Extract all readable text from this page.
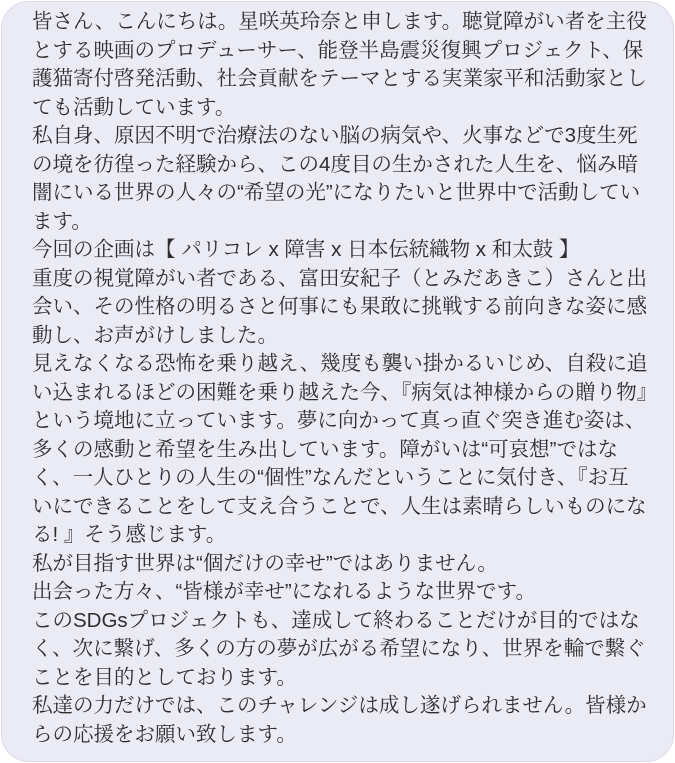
皆さん、こんにちは。星咲英玲奈と申します。聴覚障がい者を主役とする映画のプロデューサー、能登半島震災復興プロジェクト、保護猫寄付啓発活動、社会貢献をテーマとする実業家平和活動家としても活動しています。

私自身、原因不明で治療法のない脳の病気や、火事などで3度生死の境を彷徨った経験から、この4度目の生かされた人生を、悩み暗闇にいる世界の人々の“希望の光”になりたいと世界中で活動しています。

今回の企画は【 パリコレ x 障害 x 日本伝統織物 x 和太鼓 】

重度の視覚障がい者である、富田安紀子（とみだあきこ）さんと出会い、その性格の明るさと何事にも果敢に挑戦する前向きな姿に感動し、お声がけしました。

見えなくなる恐怖を乗り越え、幾度も襲い掛かるいじめ、自殺に追い込まれるほどの困難を乗り越えた今、『病気は神様からの贈り物』という境地に立っています。夢に向かって真っ直ぐ突き進む姿は、多くの感動と希望を生み出しています。障がいは“可哀想”ではなく、一人ひとりの人生の“個性”なんだということに気付き、『お互いにできることをして支え合うことで、人生は素晴らしいものになる! 』そう感じます。

私が目指す世界は“個だけの幸せ”ではありません。

出会った方々、“皆様が幸せ”になれるような世界です。

このSDGsプロジェクトも、達成して終わることだけが目的ではなく、次に繋げ、多くの方の夢が広がる希望になり、世界を輪で繋ぐことを目的としております。

私達の力だけでは、このチャレンジは成し遂げられません。皆様からの応援をお願い致します。
